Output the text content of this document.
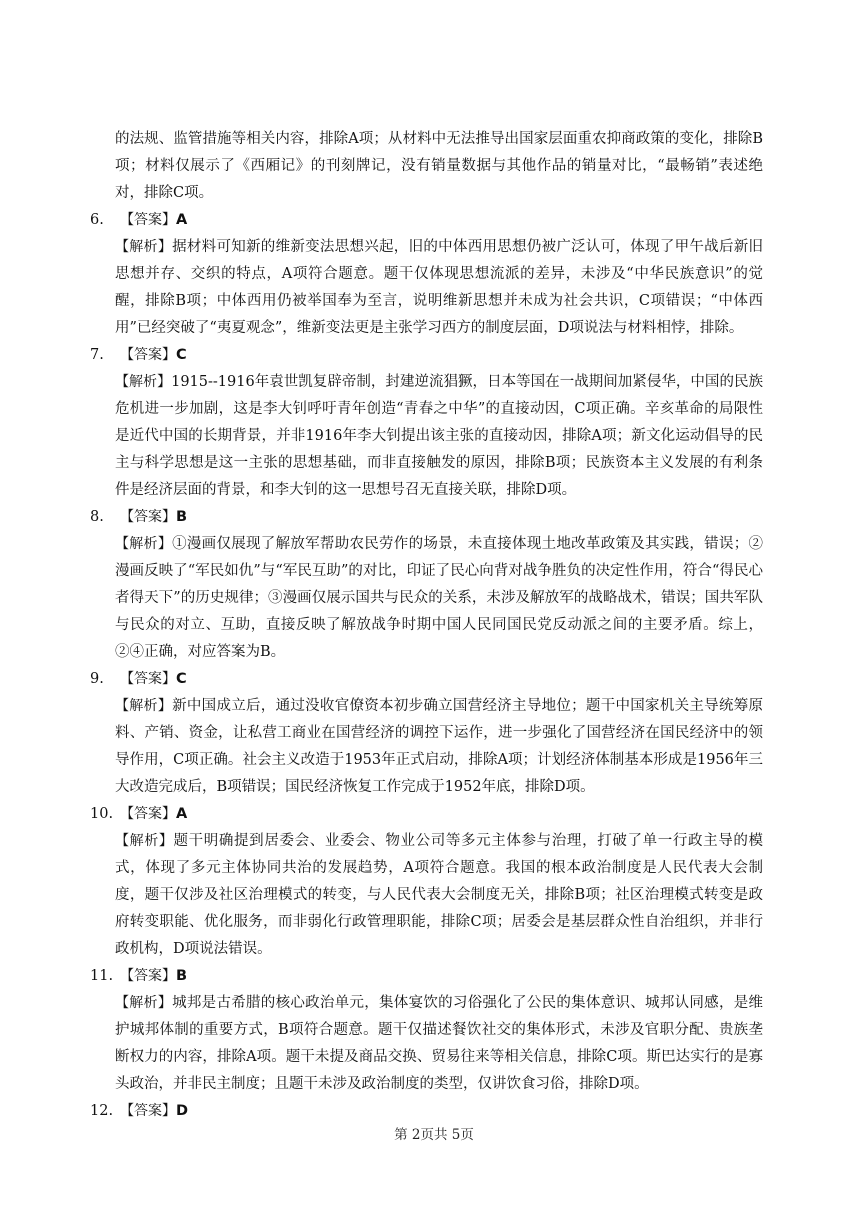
的法规、监管措施等相关内容，排除A项；从材料中无法推导出国家层面重农抑商政策的变化，排除B项；材料仅展示了《西厢记》的刊刻牌记，没有销量数据与其他作品的销量对比，“最畅销”表述绝对，排除C项。

6. 【答案】A

【解析】据材料可知新的维新变法思想兴起，旧的中体西用思想仍被广泛认可，体现了甲午战后新旧思想并存、交织的特点，A项符合题意。题干仅体现思想流派的差异，未涉及“中华民族意识”的觉醒，排除B项；中体西用仍被举国奉为至言，说明维新思想并未成为社会共识，C项错误；“中体西用”已经突破了“夷夏观念”，维新变法更是主张学习西方的制度层面，D项说法与材料相悖，排除。

7. 【答案】C

【解析】1915--1916年袁世凯复辟帝制，封建逆流猖獗，日本等国在一战期间加紧侵华，中国的民族危机进一步加剧，这是李大钊呼吁青年创造“青春之中华”的直接动因，C项正确。辛亥革命的局限性是近代中国的长期背景，并非1916年李大钊提出该主张的直接动因，排除A项；新文化运动倡导的民主与科学思想是这一主张的思想基础，而非直接触发的原因，排除B项；民族资本主义发展的有利条件是经济层面的背景，和李大钊的这一思想号召无直接关联，排除D项。

8. 【答案】B

【解析】①漫画仅展现了解放军帮助农民劳作的场景，未直接体现土地改革政策及其实践，错误；②漫画反映了“军民如仇”与“军民互助”的对比，印证了民心向背对战争胜负的决定性作用，符合“得民心者得天下”的历史规律；③漫画仅展示国共与民众的关系，未涉及解放军的战略战术，错误；国共军队与民众的对立、互助，直接反映了解放战争时期中国人民同国民党反动派之间的主要矛盾。综上，②④正确，对应答案为B。

9. 【答案】C

【解析】新中国成立后，通过没收官僚资本初步确立国营经济主导地位；题干中国家机关主导统筹原料、产销、资金，让私营工商业在国营经济的调控下运作，进一步强化了国营经济在国民经济中的领导作用，C项正确。社会主义改造于1953年正式启动，排除A项；计划经济体制基本形成是1956年三大改造完成后，B项错误；国民经济恢复工作完成于1952年底，排除D项。

10. 【答案】A

【解析】题干明确提到居委会、业委会、物业公司等多元主体参与治理，打破了单一行政主导的模式，体现了多元主体协同共治的发展趋势，A项符合题意。我国的根本政治制度是人民代表大会制度，题干仅涉及社区治理模式的转变，与人民代表大会制度无关，排除B项；社区治理模式转变是政府转变职能、优化服务，而非弱化行政管理职能，排除C项；居委会是基层群众性自治组织，并非行政机构，D项说法错误。

11. 【答案】B

【解析】城邦是古希腊的核心政治单元，集体宴饮的习俗强化了公民的集体意识、城邦认同感，是维护城邦体制的重要方式，B项符合题意。题干仅描述餐饮社交的集体形式，未涉及官职分配、贵族垄断权力的内容，排除A项。题干未提及商品交换、贸易往来等相关信息，排除C项。斯巴达实行的是寡头政治，并非民主制度；且题干未涉及政治制度的类型，仅讲饮食习俗，排除D项。

12. 【答案】D

第 2页共 5页
